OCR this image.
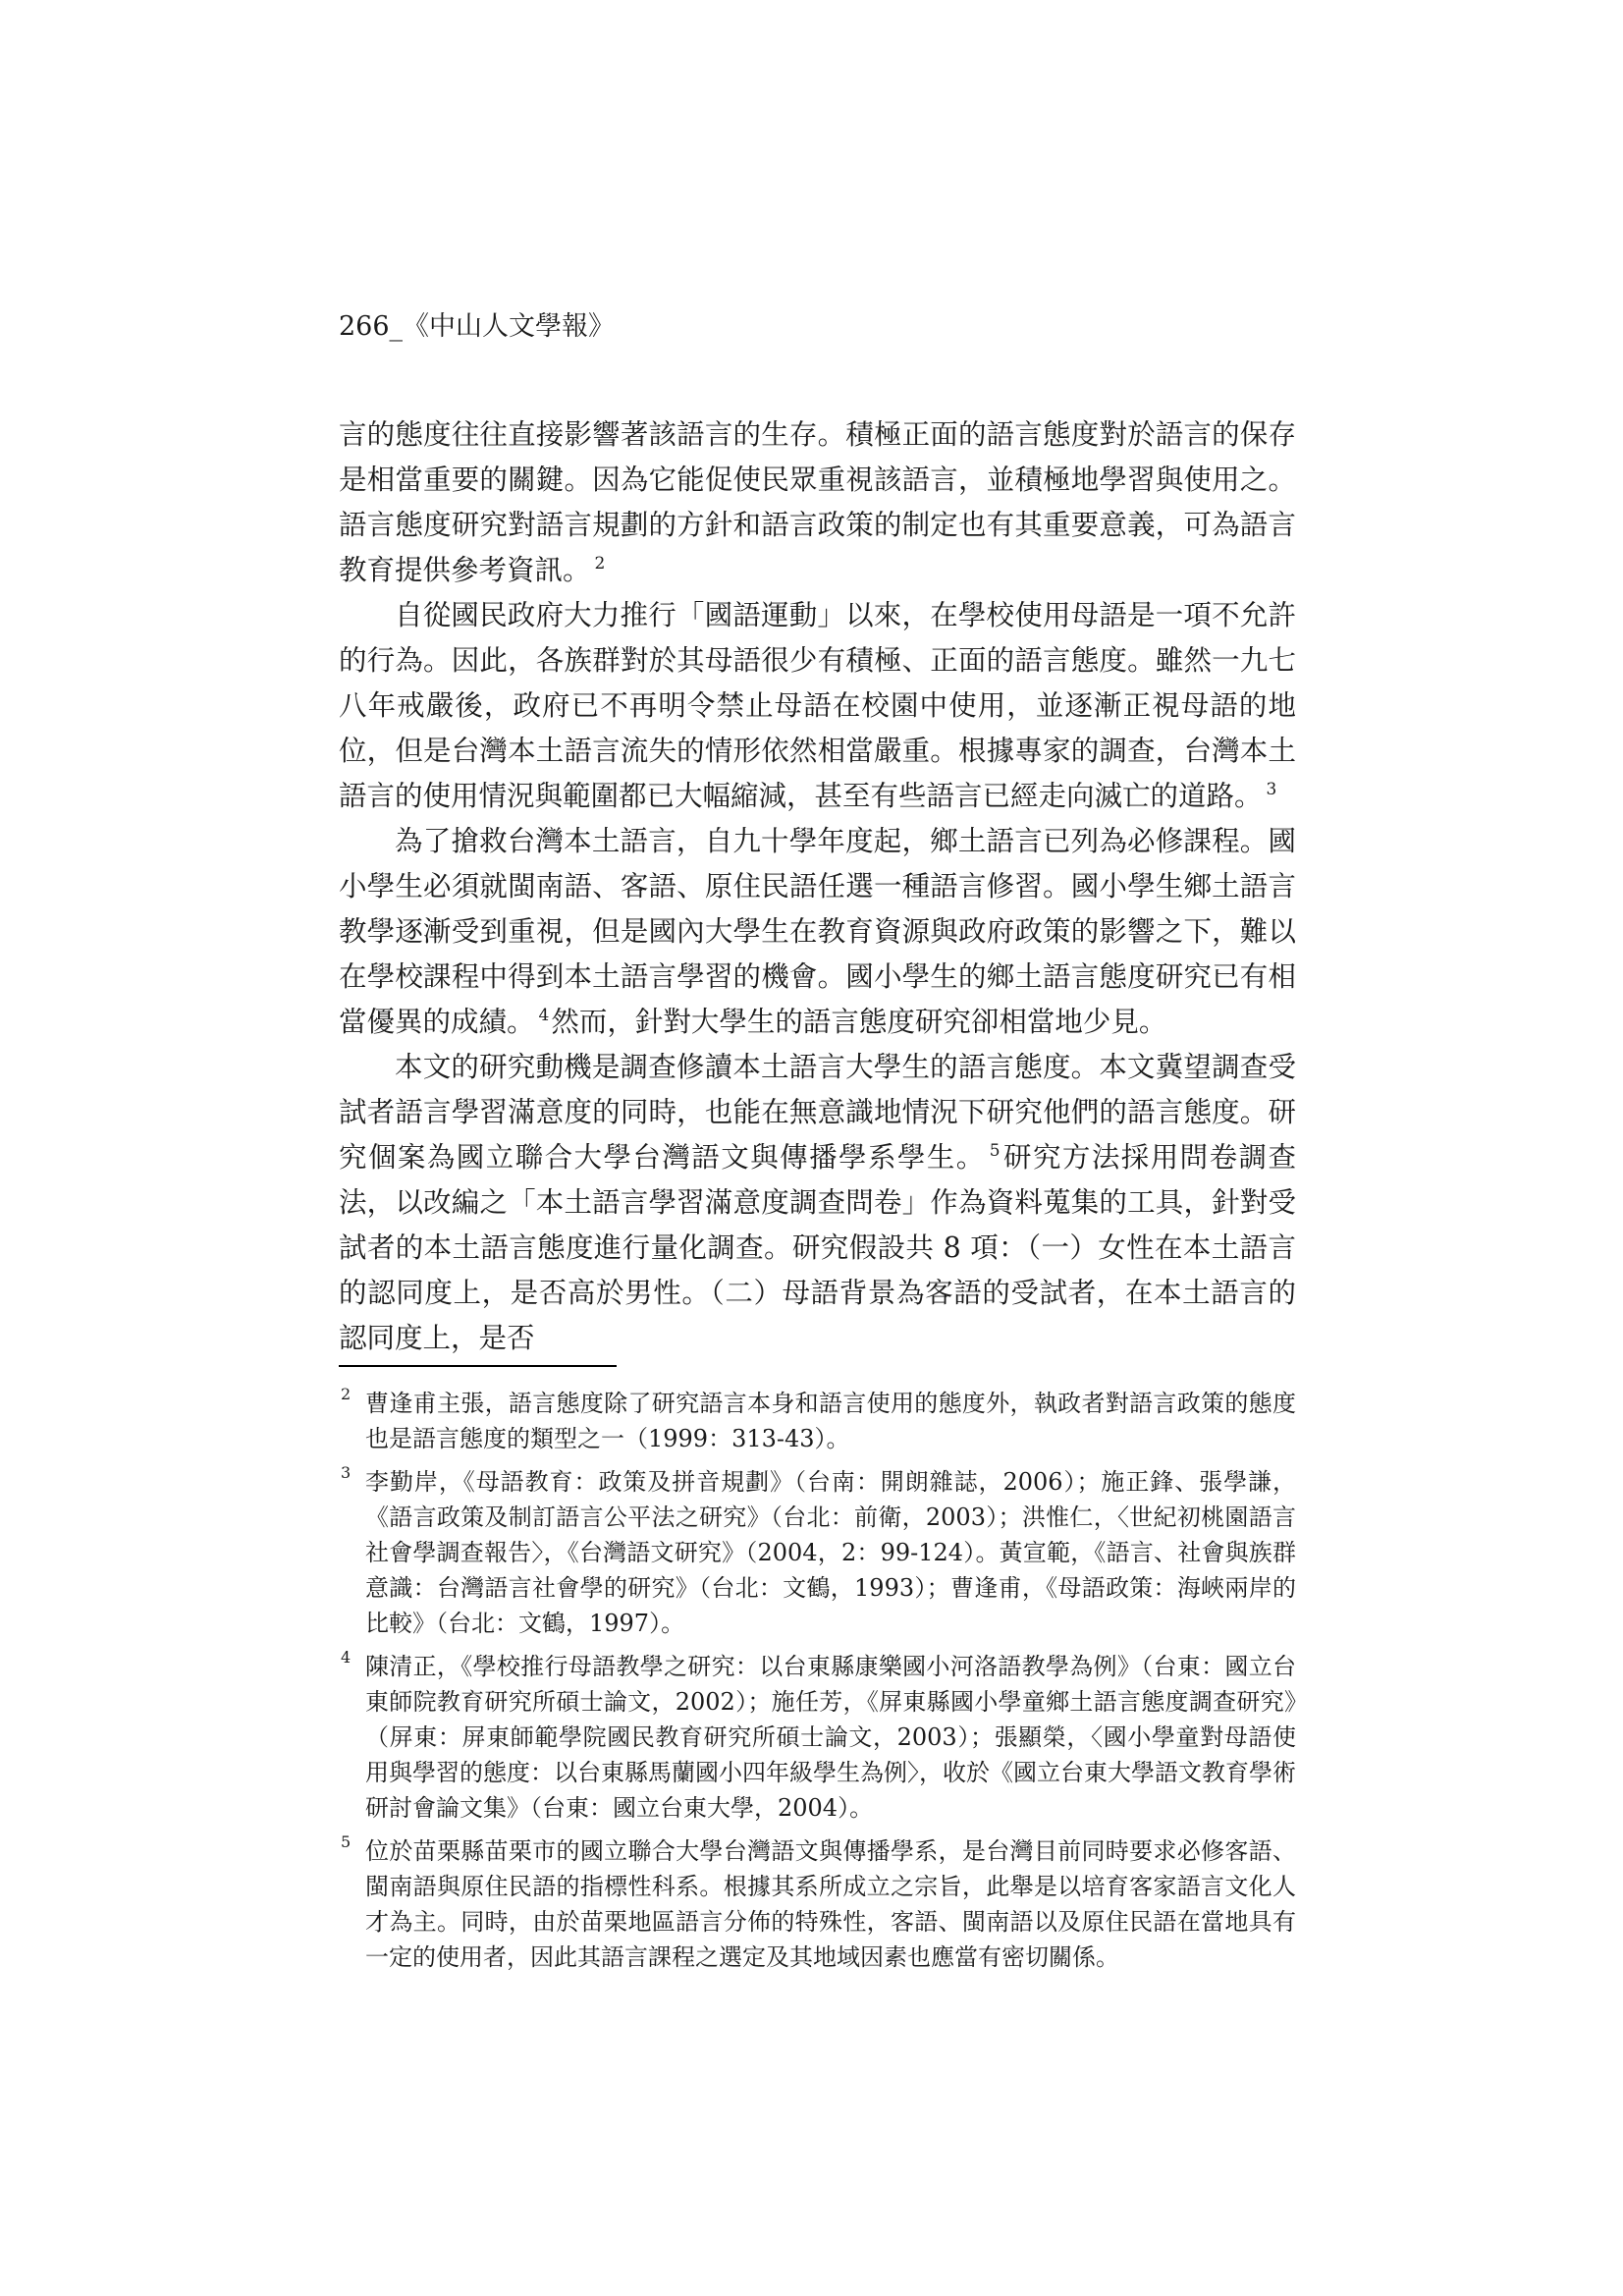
266_《中山人文學報》

言的態度往往直接影響著該語言的生存。積極正面的語言態度對於語言的保存是相當重要的關鍵。因為它能促使民眾重視該語言，並積極地學習與使用之。語言態度研究對語言規劃的方針和語言政策的制定也有其重要意義，可為語言教育提供參考資訊。 $^2$

自從國民政府大力推行「國語運動」以來，在學校使用母語是一項不允許的行為。因此，各族群對於其母語很少有積極、正面的語言態度。雖然一九七八年戒嚴後，政府已不再明令禁止母語在校園中使用，並逐漸正視母語的地位，但是台灣本土語言流失的情形依然相當嚴重。根據專家的調查，台灣本土語言的使用情況與範圍都已大幅縮減，甚至有些語言已經走向滅亡的道路。 $^3$

為了搶救台灣本土語言，自九十學年度起，鄉土語言已列為必修課程。國小學生必須就閩南語、客語、原住民語任選一種語言修習。國小學生鄉土語言教學逐漸受到重視，但是國內大學生在教育資源與政府政策的影響之下，難以在學校課程中得到本土語言學習的機會。國小學生的鄉土語言態度研究已有相當優異的成績。 $^4$然而，針對大學生的語言態度研究卻相當地少見。

本文的研究動機是調查修讀本土語言大學生的語言態度。本文冀望調查受試者語言學習滿意度的同時，也能在無意識地情況下研究他們的語言態度。研究個案為國立聯合大學台灣語文與傳播學系學生。 $^5$研究方法採用問卷調查法，以改編之「本土語言學習滿意度調查問卷」作為資料蒐集的工具，針對受試者的本土語言態度進行量化調查。研究假設共 8 項：（一）女性在本土語言的認同度上，是否高於男性。（二）母語背景為客語的受試者，在本土語言的認同度上，是否

2 曹逢甫主張，語言態度除了研究語言本身和語言使用的態度外，執政者對語言政策的態度也是語言態度的類型之一（1999：313-43）。

3 李勤岸，《母語教育：政策及拼音規劃》（台南：開朗雜誌，2006）；施正鋒、張學謙，《語言政策及制訂語言公平法之研究》（台北：前衛，2003）；洪惟仁，〈世紀初桃園語言社會學調查報告〉，《台灣語文研究》（2004，2：99-124）。黃宣範，《語言、社會與族群意識：台灣語言社會學的研究》（台北：文鶴，1993）；曹逢甫，《母語政策：海峽兩岸的比較》（台北：文鶴，1997）。

4 陳清正，《學校推行母語教學之研究：以台東縣康樂國小河洛語教學為例》（台東：國立台東師院教育研究所碩士論文，2002）；施任芳，《屏東縣國小學童鄉土語言態度調查研究》（屏東：屏東師範學院國民教育研究所碩士論文，2003）；張顯榮，〈國小學童對母語使用與學習的態度：以台東縣馬蘭國小四年級學生為例〉，收於《國立台東大學語文教育學術研討會論文集》（台東：國立台東大學，2004）。

5 位於苗栗縣苗栗市的國立聯合大學台灣語文與傳播學系，是台灣目前同時要求必修客語、閩南語與原住民語的指標性科系。根據其系所成立之宗旨，此舉是以培育客家語言文化人才為主。同時，由於苗栗地區語言分佈的特殊性，客語、閩南語以及原住民語在當地具有一定的使用者，因此其語言課程之選定及其地域因素也應當有密切關係。
